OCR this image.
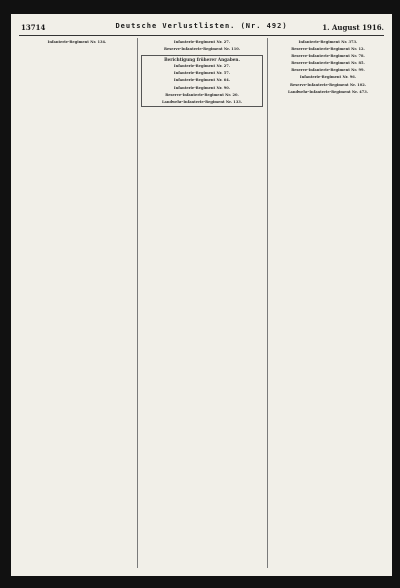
13714	Deutsche Verlustlisten. (Nr. 492)	1. August 1916.
Infanterie-Regiment Nr. 134.	Infanterie-Regiment Nr. 27.
Reserve-Infanterie-Regiment Nr. 110.
Berichtigung früherer Angaben.
Infanterie-Regiment Nr. 27.
Infanterie-Regiment Nr. 57.
Infanterie-Regiment Nr. 64.
Infanterie-Regiment Nr. 90.
Reserve-Infanterie-Regiment Nr. 20.
Landwehr-Infanterie-Regiment Nr. 133.
Infanterie-Regiment Nr. 373.
Reserve-Infanterie-Regiment Nr. 12.
Reserve-Infanterie-Regiment Nr. 78.
Reserve-Infanterie-Regiment Nr. 85.
Reserve-Infanterie-Regiment Nr. 99.
Infanterie-Regiment Nr. 96.
Reserve-Infanterie-Regiment Nr. 102.
Landwehr-Infanterie-Regiment Nr. 473.
